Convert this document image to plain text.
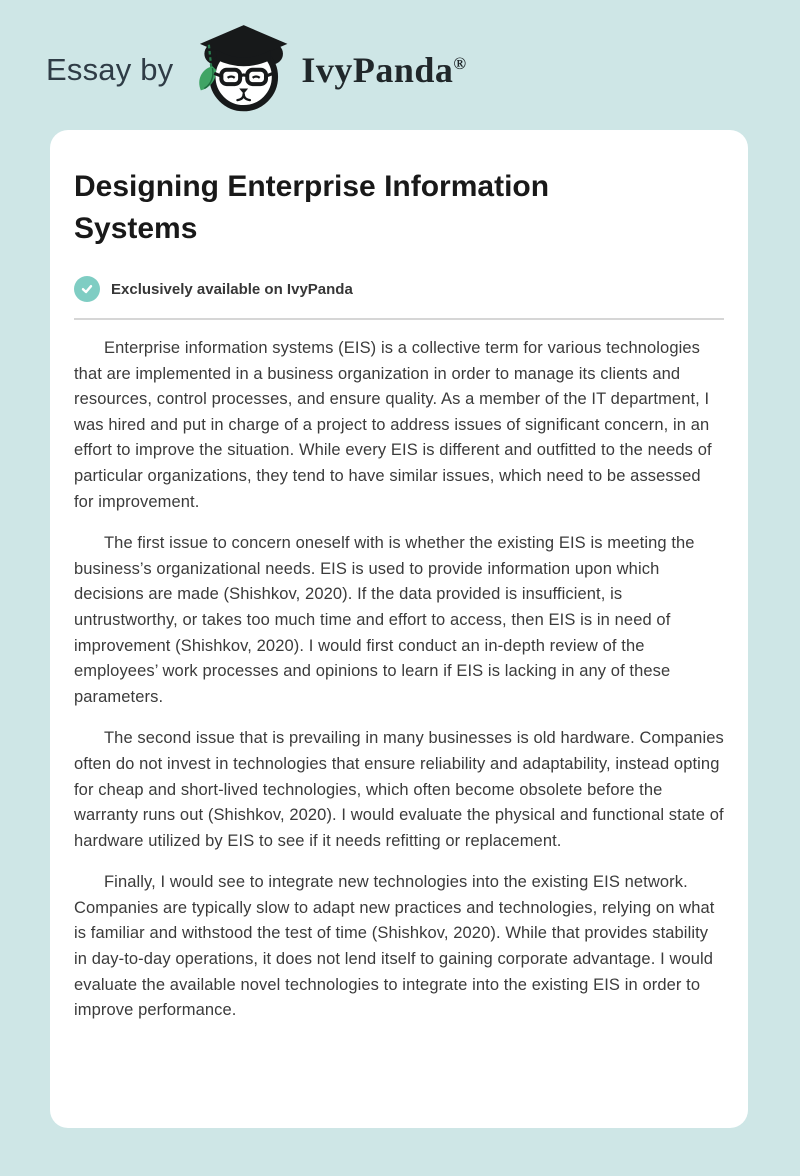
Essay by	IvyPanda®
Designing Enterprise Information Systems
Exclusively available on IvyPanda

Enterprise information systems (EIS) is a collective term for various technologies that are implemented in a business organization in order to manage its clients and resources, control processes, and ensure quality. As a member of the IT department, I was hired and put in charge of a project to address issues of significant concern, in an effort to improve the situation. While every EIS is different and outfitted to the needs of particular organizations, they tend to have similar issues, which need to be assessed for improvement.

The first issue to concern oneself with is whether the existing EIS is meeting the business’s organizational needs. EIS is used to provide information upon which decisions are made (Shishkov, 2020). If the data provided is insufficient, is untrustworthy, or takes too much time and effort to access, then EIS is in need of improvement (Shishkov, 2020). I would first conduct an in-depth review of the employees’ work processes and opinions to learn if EIS is lacking in any of these parameters.

The second issue that is prevailing in many businesses is old hardware. Companies often do not invest in technologies that ensure reliability and adaptability, instead opting for cheap and short-lived technologies, which often become obsolete before the warranty runs out (Shishkov, 2020). I would evaluate the physical and functional state of hardware utilized by EIS to see if it needs refitting or replacement.

Finally, I would see to integrate new technologies into the existing EIS network. Companies are typically slow to adapt new practices and technologies, relying on what is familiar and withstood the test of time (Shishkov, 2020). While that provides stability in day-to-day operations, it does not lend itself to gaining corporate advantage. I would evaluate the available novel technologies to integrate into the existing EIS in order to improve performance.
